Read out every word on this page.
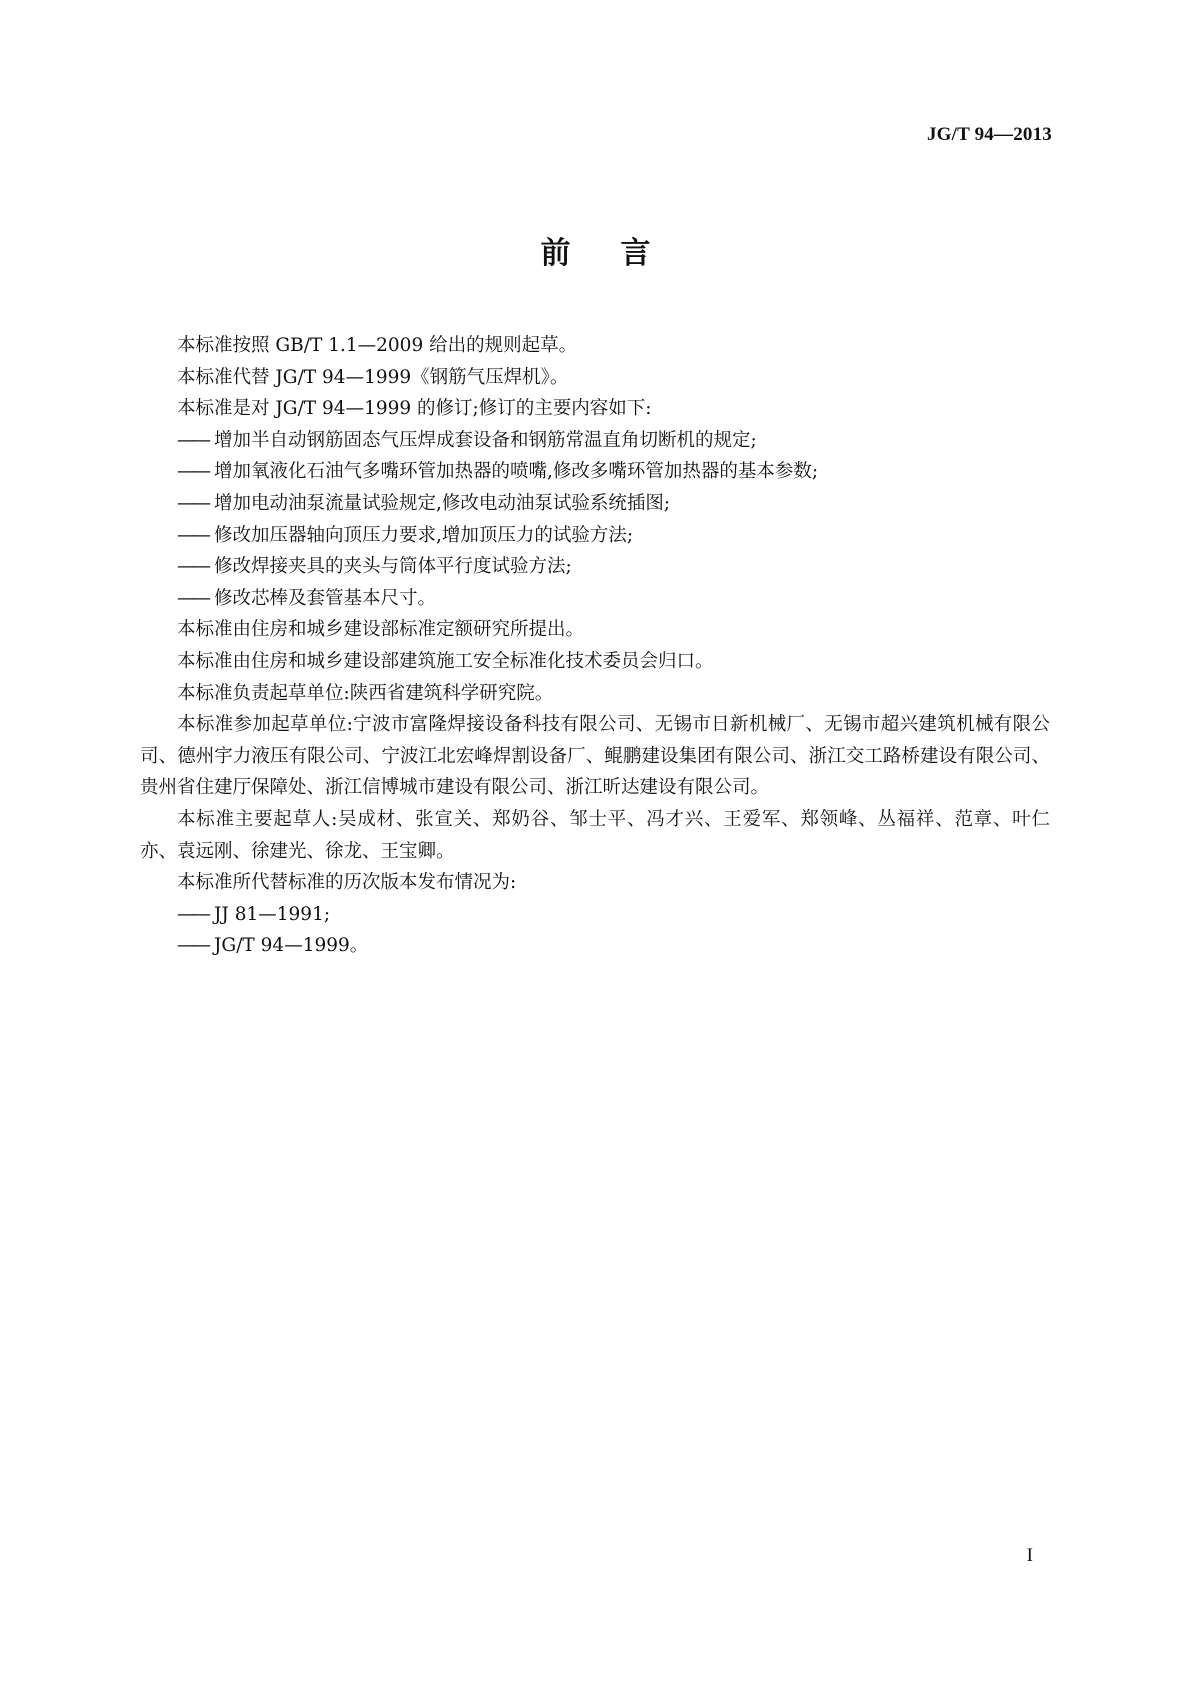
JG/T 94—2013
前言

本标准按照 GB/T 1.1—2009 给出的规则起草。

本标准代替 JG/T 94—1999《钢筋气压焊机》。

本标准是对 JG/T 94—1999 的修订;修订的主要内容如下:

—— 增加半自动钢筋固态气压焊成套设备和钢筋常温直角切断机的规定;

—— 增加氧液化石油气多嘴环管加热器的喷嘴,修改多嘴环管加热器的基本参数;

—— 增加电动油泵流量试验规定,修改电动油泵试验系统插图;

—— 修改加压器轴向顶压力要求,增加顶压力的试验方法;

—— 修改焊接夹具的夹头与筒体平行度试验方法;

—— 修改芯棒及套管基本尺寸。

本标准由住房和城乡建设部标准定额研究所提出。

本标准由住房和城乡建设部建筑施工安全标准化技术委员会归口。

本标准负责起草单位:陕西省建筑科学研究院。

本标准参加起草单位:宁波市富隆焊接设备科技有限公司、无锡市日新机械厂、无锡市超兴建筑机械有限公司、德州宇力液压有限公司、宁波江北宏峰焊割设备厂、鲲鹏建设集团有限公司、浙江交工路桥建设有限公司、贵州省住建厅保障处、浙江信博城市建设有限公司、浙江昕达建设有限公司。

本标准主要起草人:吴成材、张宣关、郑奶谷、邹士平、冯才兴、王爱军、郑领峰、丛福祥、范章、叶仁亦、袁远刚、徐建光、徐龙、王宝卿。

本标准所代替标准的历次版本发布情况为:

—— JJ 81—1991;

—— JG/T 94—1999。

I
